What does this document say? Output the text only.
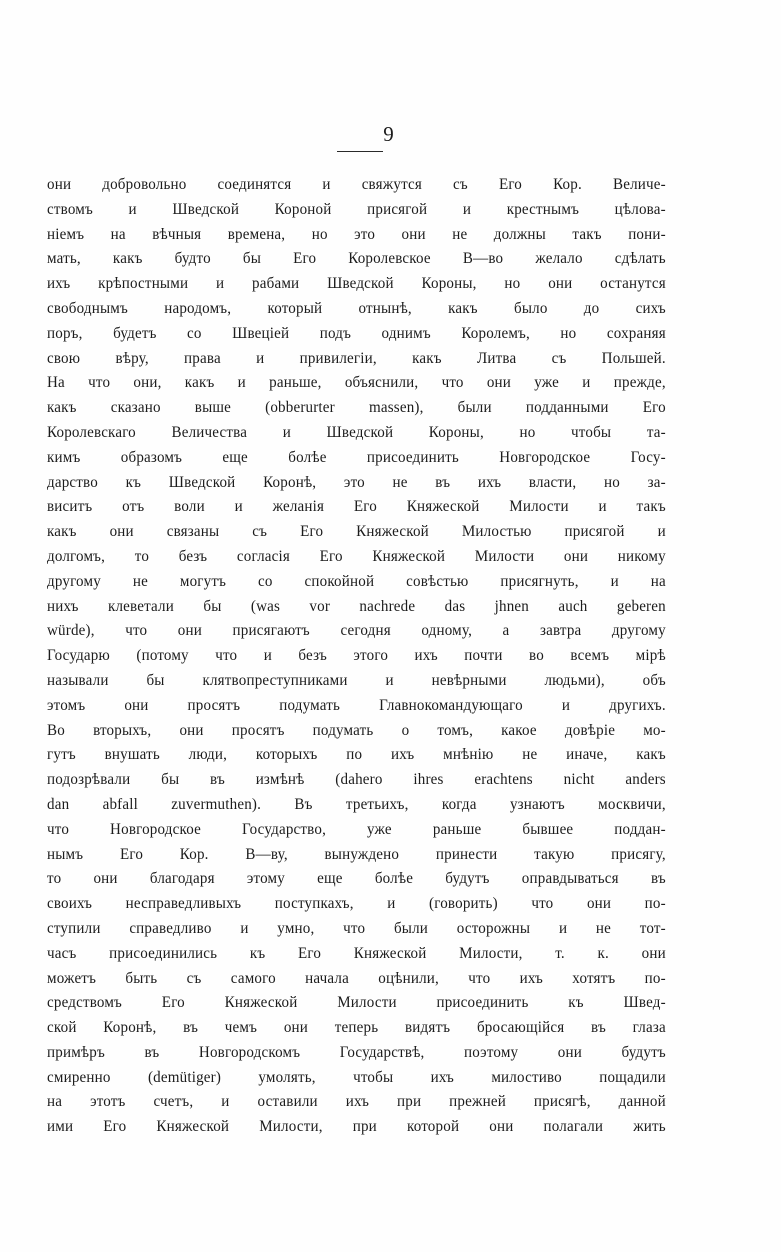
9
они добровольно соединятся и свяжутся съ Его Кор. Величе-
ствомъ и Шведской Короной присягой и крестнымъ цѣлова-
ніемъ на вѣчныя времена, но это они не должны такъ пони-
мать, какъ будто бы Его Королевское В—во желало сдѣлать
ихъ крѣпостными и рабами Шведской Короны, но они останутся
свободнымъ народомъ, который отнынѣ, какъ было до сихъ
поръ, будетъ со Швеціей подъ однимъ Королемъ, но сохраняя
свою вѣру, права и привилегіи, какъ Литва съ Польшей.
На что они, какъ и раньше, объяснили, что они уже и прежде,
какъ сказано выше (obberurter massen), были подданными Его
Королевскаго Величества и Шведской Короны, но чтобы та-
кимъ образомъ еще болѣе присоединить Новгородское Госу-
дарство къ Шведской Коронѣ, это не въ ихъ власти, но за-
виситъ отъ воли и желанія Его Княжеской Милости и такъ
какъ они связаны съ Его Княжеской Милостью присягой и
долгомъ, то безъ согласія Его Княжеской Милости они никому
другому не могутъ со спокойной совѣстью присягнуть, и на
нихъ клеветали бы (was vor nachrede das jhnen auch geberen
würde), что они присягаютъ сегодня одному, а завтра другому
Государю (потому что и безъ этого ихъ почти во всемъ мірѣ
называли бы клятвопреступниками и невѣрными людьми), объ
этомъ они просятъ подумать Главнокомандующаго и другихъ.
Во вторыхъ, они просятъ подумать о томъ, какое довѣріе мо-
гутъ внушать люди, которыхъ по ихъ мнѣнію не иначе, какъ
подозрѣвали бы въ измѣнѣ (dahero ihres erachtens nicht anders
dan abfall zuvermuthen). Въ третьихъ, когда узнаютъ москвичи,
что Новгородское Государство, уже раньше бывшее поддан-
нымъ Его Кор. В—ву, вынуждено принести такую присягу,
то они благодаря этому еще болѣе будутъ оправдываться въ
своихъ несправедливыхъ поступкахъ, и (говорить) что они по-
ступили справедливо и умно, что были осторожны и не тот-
часъ присоединились къ Его Княжеской Милости, т. к. они
можетъ быть съ самого начала оцѣнили, что ихъ хотятъ по-
средствомъ Его Княжеской Милости присоединить къ Швед-
ской Коронѣ, въ чемъ они теперь видятъ бросающійся въ глаза
примѣръ въ Новгородскомъ Государствѣ, поэтому они будутъ
смиренно (demütiger) умолять, чтобы ихъ милостиво пощадили
на этотъ счетъ, и оставили ихъ при прежней присягѣ, данной
ими Его Княжеской Милости, при которой они полагали жить
